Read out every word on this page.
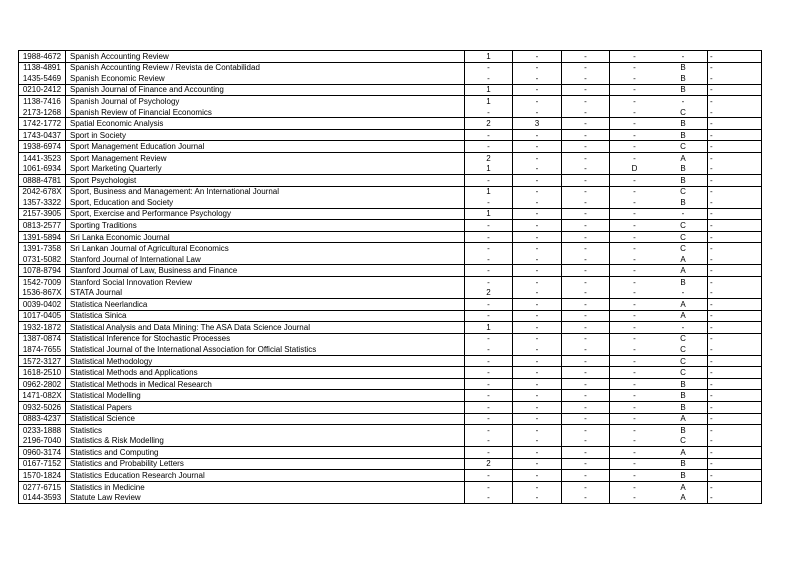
1988-4672	Spanish Accounting Review	1	-	-	-	-	-
1138-4891	Spanish Accounting Review / Revista de Contabilidad	-	-	-	-	B	-
1435-5469	Spanish Economic Review	-	-	-	-	B	-
0210-2412	Spanish Journal of Finance and Accounting	1	-	-	-	B	-
1138-7416	Spanish Journal of Psychology	1	-	-	-	-	-
2173-1268	Spanish Review of Financial Economics	-	-	-	-	C	-
1742-1772	Spatial Economic Analysis	2	3	-	-	B	-
1743-0437	Sport in Society	-	-	-	-	B	-
1938-6974	Sport Management Education Journal	-	-	-	-	C	-
1441-3523	Sport Management Review	2	-	-	-	A	-
1061-6934	Sport Marketing Quarterly	1	-	-	D	B	-
0888-4781	Sport Psychologist	-	-	-	-	B	-
2042-678X	Sport, Business and Management: An International Journal	1	-	-	-	C	-
1357-3322	Sport, Education and Society	-	-	-	-	B	-
2157-3905	Sport, Exercise and Performance Psychology	1	-	-	-	-	-
0813-2577	Sporting Traditions	-	-	-	-	C	-
1391-5894	Sri Lanka Economic Journal	-	-	-	-	C	-
1391-7358	Sri Lankan Journal of Agricultural Economics	-	-	-	-	C	-
0731-5082	Stanford Journal of International Law	-	-	-	-	A	-
1078-8794	Stanford Journal of Law, Business and Finance	-	-	-	-	A	-
1542-7009	Stanford Social Innovation Review	-	-	-	-	B	-
1536-867X	STATA Journal	2	-	-	-	-	-
0039-0402	Statistica Neerlandica	-	-	-	-	A	-
1017-0405	Statistica Sinica	-	-	-	-	A	-
1932-1872	Statistical Analysis and Data Mining: The ASA Data Science Journal	1	-	-	-	-	-
1387-0874	Statistical Inference for Stochastic Processes	-	-	-	-	C	-
1874-7655	Statistical Journal of the International Association for Official Statistics	-	-	-	-	C	-
1572-3127	Statistical Methodology	-	-	-	-	C	-
1618-2510	Statistical Methods and Applications	-	-	-	-	C	-
0962-2802	Statistical Methods in Medical Research	-	-	-	-	B	-
1471-082X	Statistical Modelling	-	-	-	-	B	-
0932-5026	Statistical Papers	-	-	-	-	B	-
0883-4237	Statistical Science	-	-	-	-	A	-
0233-1888	Statistics	-	-	-	-	B	-
2196-7040	Statistics & Risk Modelling	-	-	-	-	C	-
0960-3174	Statistics and Computing	-	-	-	-	A	-
0167-7152	Statistics and Probability Letters	2	-	-	-	B	-
1570-1824	Statistics Education Research Journal	-	-	-	-	B	-
0277-6715	Statistics in Medicine	-	-	-	-	A	-
0144-3593	Statute Law Review	-	-	-	-	A	-
